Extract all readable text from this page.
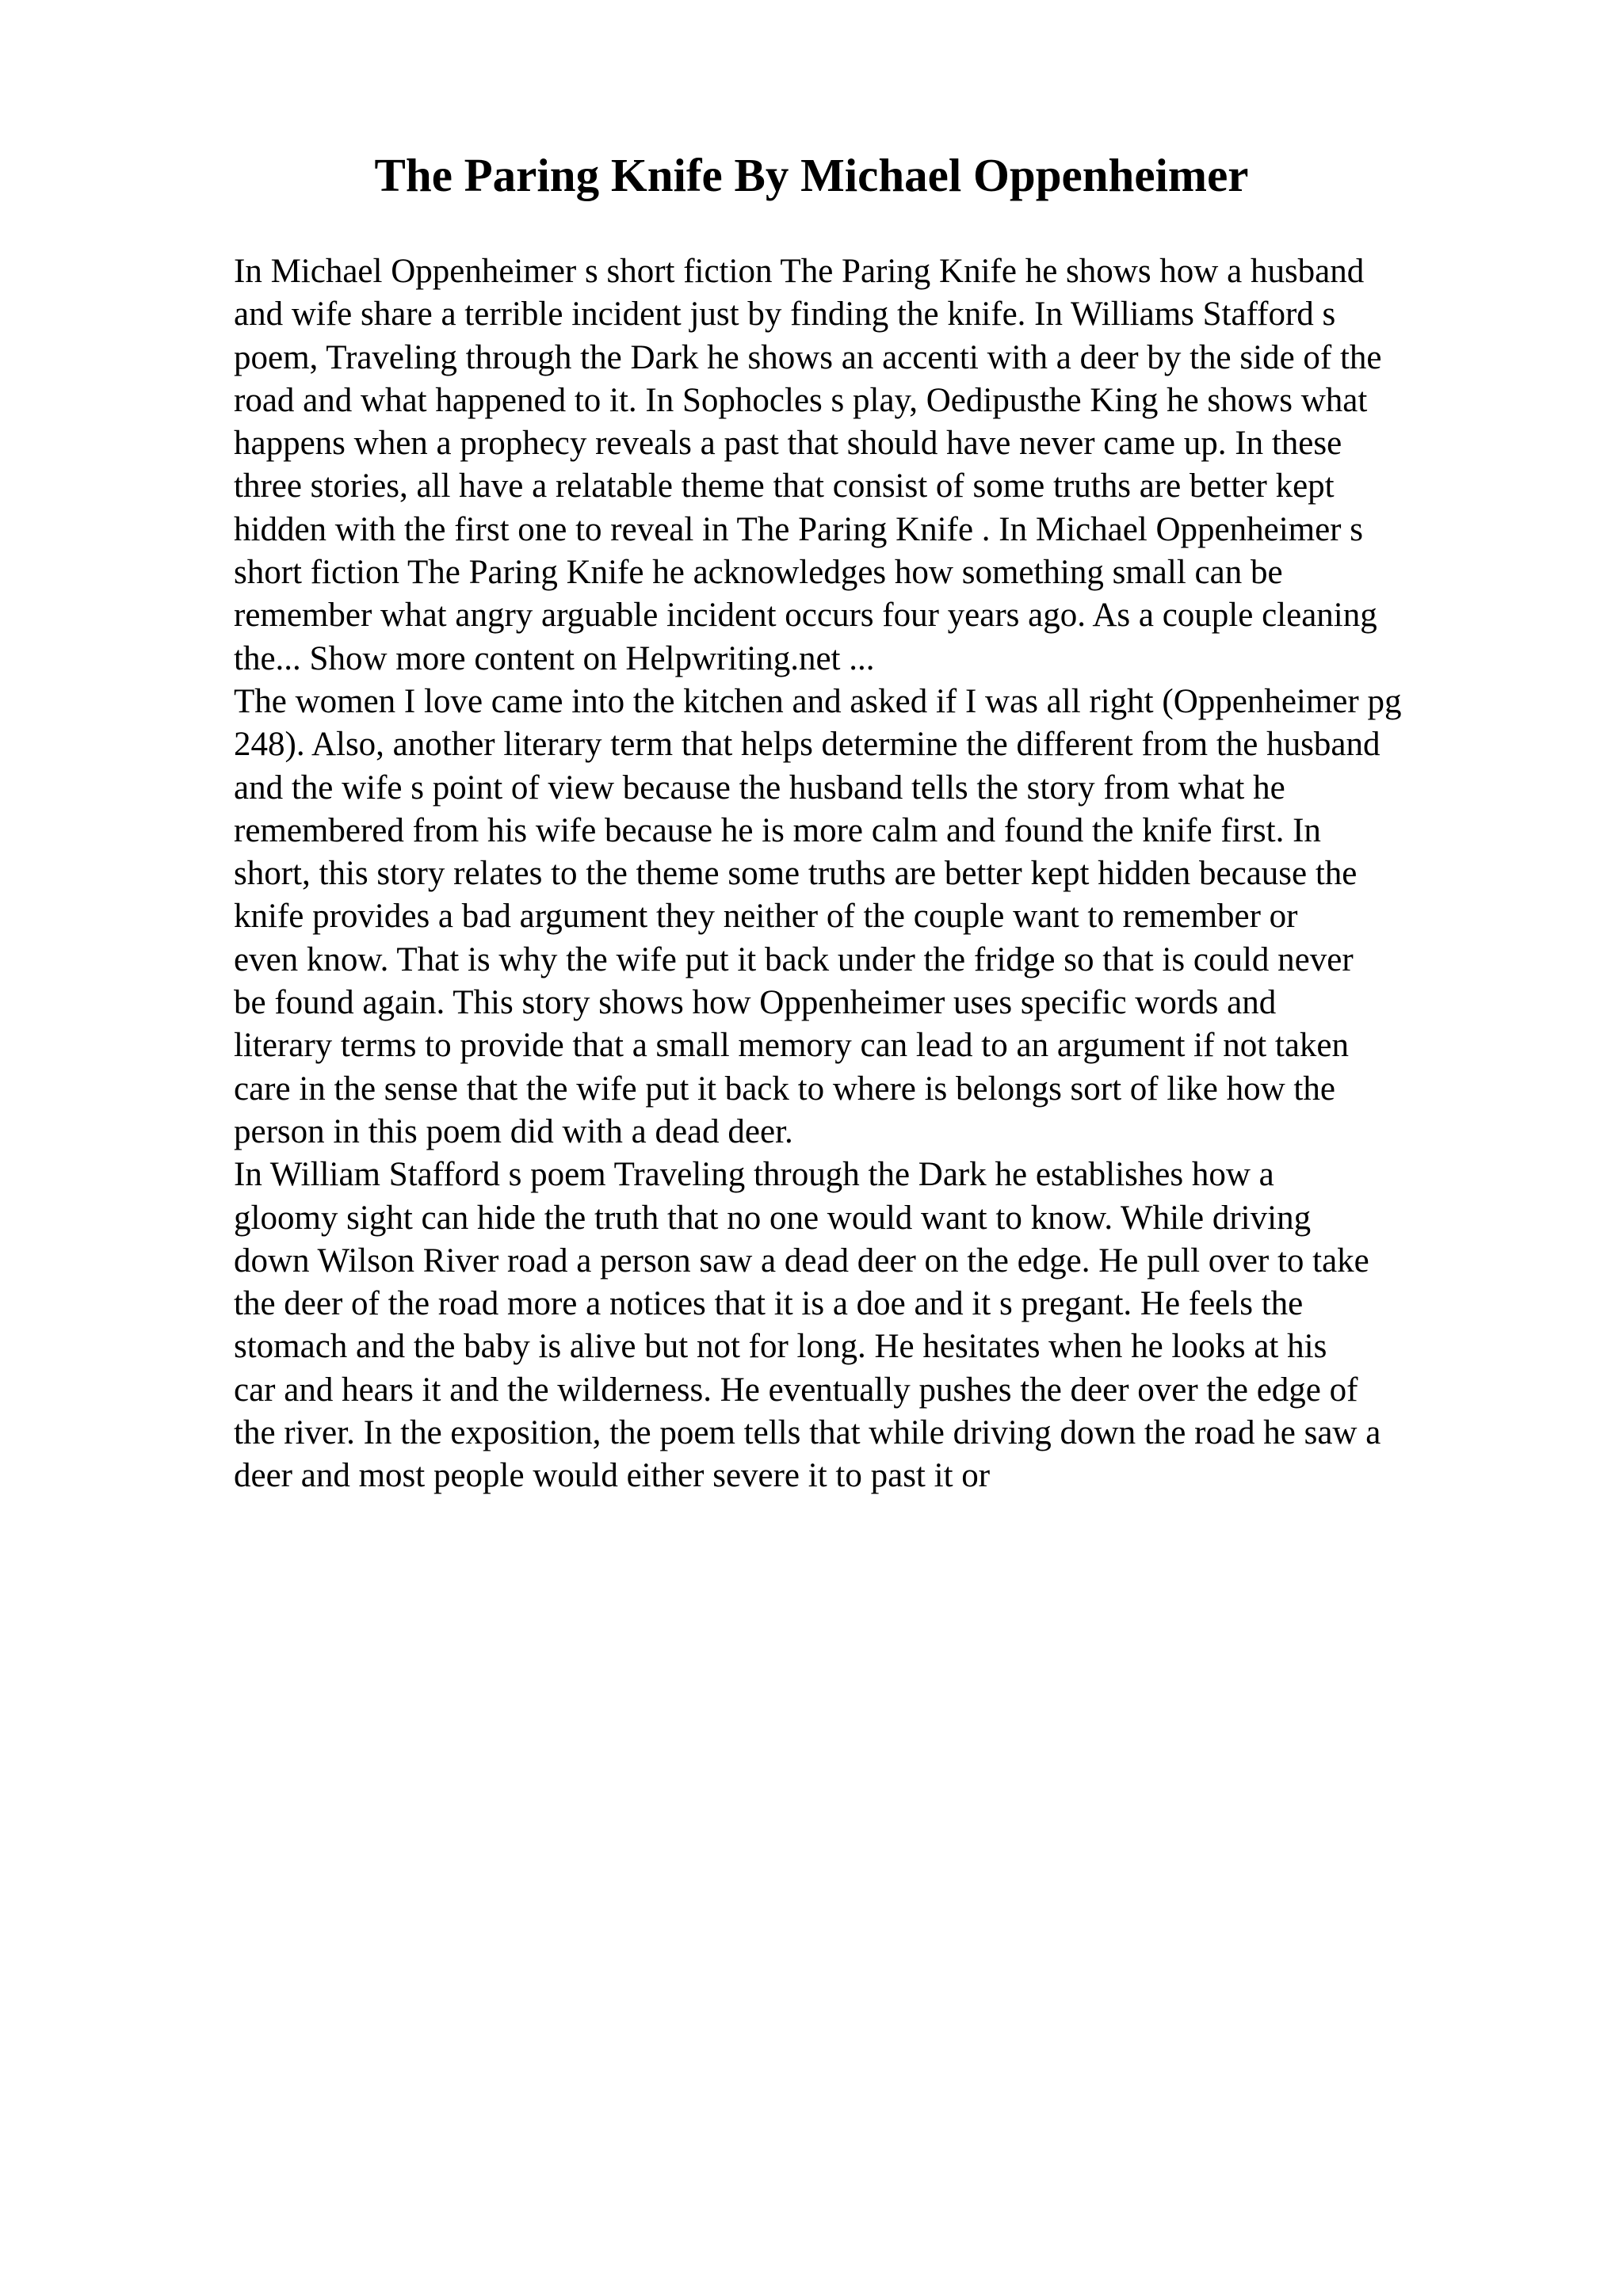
The Paring Knife By Michael Oppenheimer
In Michael Oppenheimer s short fiction The Paring Knife he shows how a husband
and wife share a terrible incident just by finding the knife. In Williams Stafford s
poem, Traveling through the Dark he shows an accenti with a deer by the side of the
road and what happened to it. In Sophocles s play, Oedipusthe King he shows what
happens when a prophecy reveals a past that should have never came up. In these
three stories, all have a relatable theme that consist of some truths are better kept
hidden with the first one to reveal in The Paring Knife . In Michael Oppenheimer s
short fiction The Paring Knife he acknowledges how something small can be
remember what angry arguable incident occurs four years ago. As a couple cleaning
the... Show more content on Helpwriting.net ...
The women I love came into the kitchen and asked if I was all right (Oppenheimer pg
248). Also, another literary term that helps determine the different from the husband
and the wife s point of view because the husband tells the story from what he
remembered from his wife because he is more calm and found the knife first. In
short, this story relates to the theme some truths are better kept hidden because the
knife provides a bad argument they neither of the couple want to remember or
even know. That is why the wife put it back under the fridge so that is could never
be found again. This story shows how Oppenheimer uses specific words and
literary terms to provide that a small memory can lead to an argument if not taken
care in the sense that the wife put it back to where is belongs sort of like how the
person in this poem did with a dead deer.
In William Stafford s poem Traveling through the Dark he establishes how a
gloomy sight can hide the truth that no one would want to know. While driving
down Wilson River road a person saw a dead deer on the edge. He pull over to take
the deer of the road more a notices that it is a doe and it s pregant. He feels the
stomach and the baby is alive but not for long. He hesitates when he looks at his
car and hears it and the wilderness. He eventually pushes the deer over the edge of
the river. In the exposition, the poem tells that while driving down the road he saw a
deer and most people would either severe it to past it or
